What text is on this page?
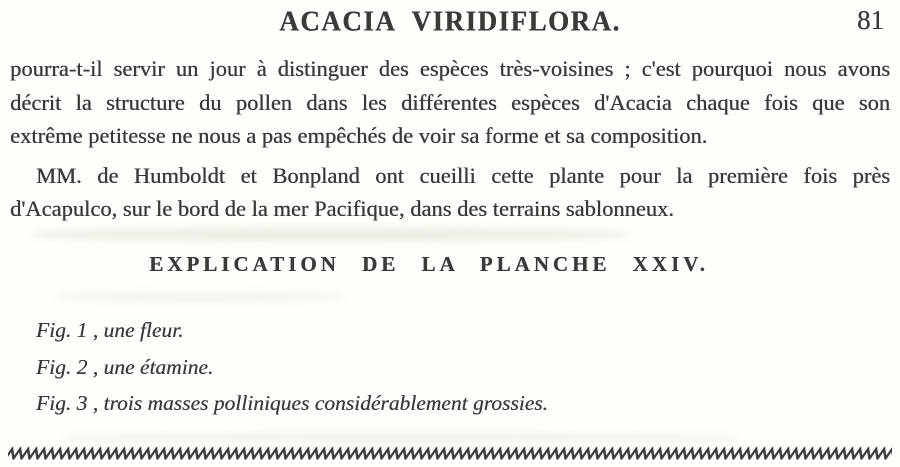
ACACIA VIRIDIFLORA.	81
pourra-t-il servir un jour à distinguer des espèces très-voisines ; c'est pourquoi nous avons
décrit la structure du pollen dans les différentes espèces d'Acacia chaque fois que son
extrême petitesse ne nous a pas empêchés de voir sa forme et sa composition.
MM. de Humboldt et Bonpland ont cueilli cette plante pour la première fois près
d'Acapulco, sur le bord de la mer Pacifique, dans des terrains sablonneux.
EXPLICATION DE LA PLANCHE XXIV.
Fig. 1 , une fleur.
Fig. 2 , une étamine.
Fig. 3 , trois masses polliniques considérablement grossies.
